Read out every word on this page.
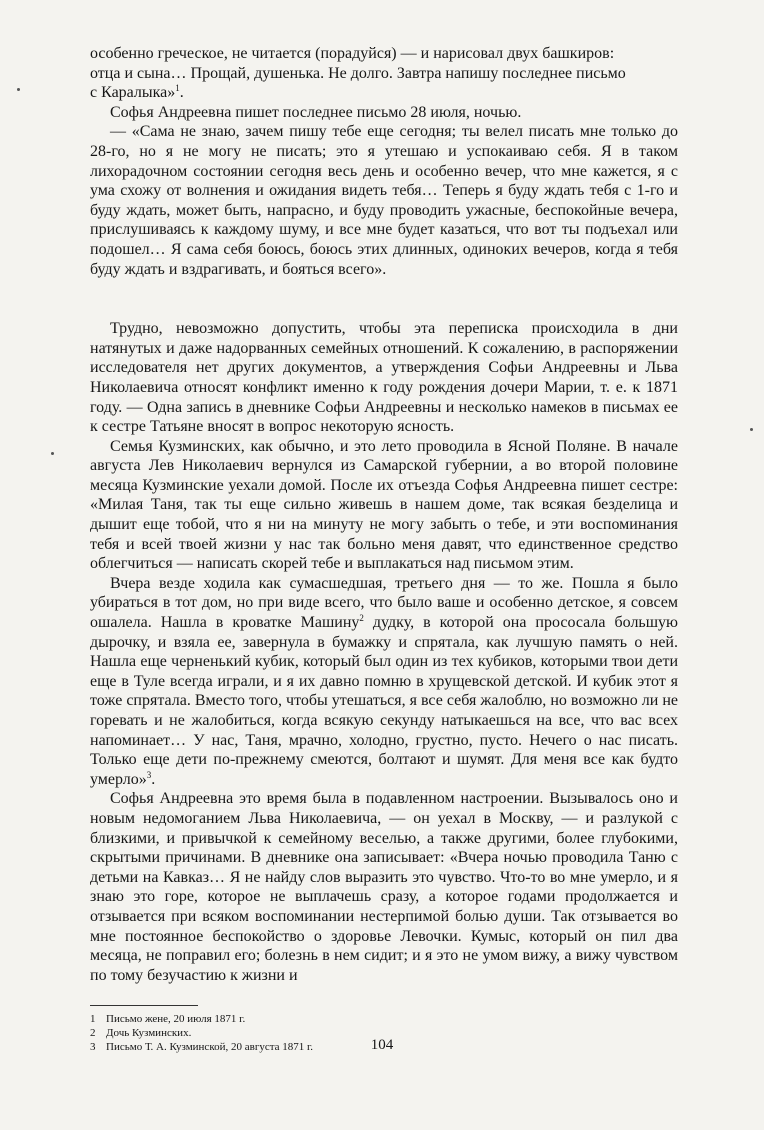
особенно греческое, не читается (порадуйся) — и нарисовал двух башкиров:
отца и сына… Прощай, душенька. Не долго. Завтра напишу последнее письмо
с Каралыка»$^1$.

Софья Андреевна пишет последнее письмо 28 июля, ночью.

— «Сама не знаю, зачем пишу тебе еще сегодня; ты велел писать мне только до 28-го, но я не могу не писать; это я утешаю и успокаиваю себя. Я в таком лихорадочном состоянии сегодня весь день и особенно вечер, что мне кажется, я с ума схожу от волнения и ожидания видеть тебя… Теперь я буду ждать тебя с 1-го и буду ждать, может быть, напрасно, и буду проводить ужасные, беспокойные вечера, прислушиваясь к каждому шуму, и все мне будет казаться, что вот ты подъехал или подошел… Я сама себя боюсь, боюсь этих длинных, одиноких вечеров, когда я тебя буду ждать и вздрагивать, и бояться всего».

Трудно, невозможно допустить, чтобы эта переписка происходила в дни натянутых и даже надорванных семейных отношений. К сожалению, в распоряжении исследователя нет других документов, а утверждения Софьи Андреевны и Льва Николаевича относят конфликт именно к году рождения дочери Марии, т. е. к 1871 году. — Одна запись в дневнике Софьи Андреевны и несколько намеков в письмах ее к сестре Татьяне вносят в вопрос некоторую ясность.

Семья Кузминских, как обычно, и это лето проводила в Ясной Поляне. В начале августа Лев Николаевич вернулся из Самарской губернии, а во второй половине месяца Кузминские уехали домой. После их отъезда Софья Андреевна пишет сестре: «Милая Таня, так ты еще сильно живешь в нашем доме, так всякая безделица и дышит еще тобой, что я ни на минуту не могу забыть о тебе, и эти воспоминания тебя и всей твоей жизни у нас так больно меня давят, что единственное средство облегчиться — написать скорей тебе и выплакаться над письмом этим.

Вчера везде ходила как сумасшедшая, третьего дня — то же. Пошла я было убираться в тот дом, но при виде всего, что было ваше и особенно детское, я совсем ошалела. Нашла в кроватке Машину$^2$ дудку, в которой она прососала большую дырочку, и взяла ее, завернула в бумажку и спрятала, как лучшую память о ней. Нашла еще черненький кубик, который был один из тех кубиков, которыми твои дети еще в Туле всегда играли, и я их давно помню в хрущевской детской. И кубик этот я тоже спрятала. Вместо того, чтобы утешаться, я все себя жалоблю, но возможно ли не горевать и не жалобиться, когда всякую секунду натыкаешься на все, что вас всех напоминает… У нас, Таня, мрачно, холодно, грустно, пусто. Нечего о нас писать. Только еще дети по-прежнему смеются, болтают и шумят. Для меня все как будто умерло»$^3$.

Софья Андреевна это время была в подавленном настроении. Вызывалось оно и новым недомоганием Льва Николаевича, — он уехал в Москву, — и разлукой с близкими, и привычкой к семейному веселью, а также другими, более глубокими, скрытыми причинами. В дневнике она записывает: «Вчера ночью проводила Таню с детьми на Кавказ… Я не найду слов выразить это чувство. Что-то во мне умерло, и я знаю это горе, которое не выплачешь сразу, а которое годами продолжается и отзывается при всяком воспоминании нестерпимой болью души. Так отзывается во мне постоянное беспокойство о здоровье Левочки. Кумыс, который он пил два месяца, не поправил его; болезнь в нем сидит; и я это не умом вижу, а вижу чувством по тому безучастию к жизни и

1 Письмо жене, 20 июля 1871 г.

2 Дочь Кузминских.

3 Письмо Т. А. Кузминской, 20 августа 1871 г.	104
